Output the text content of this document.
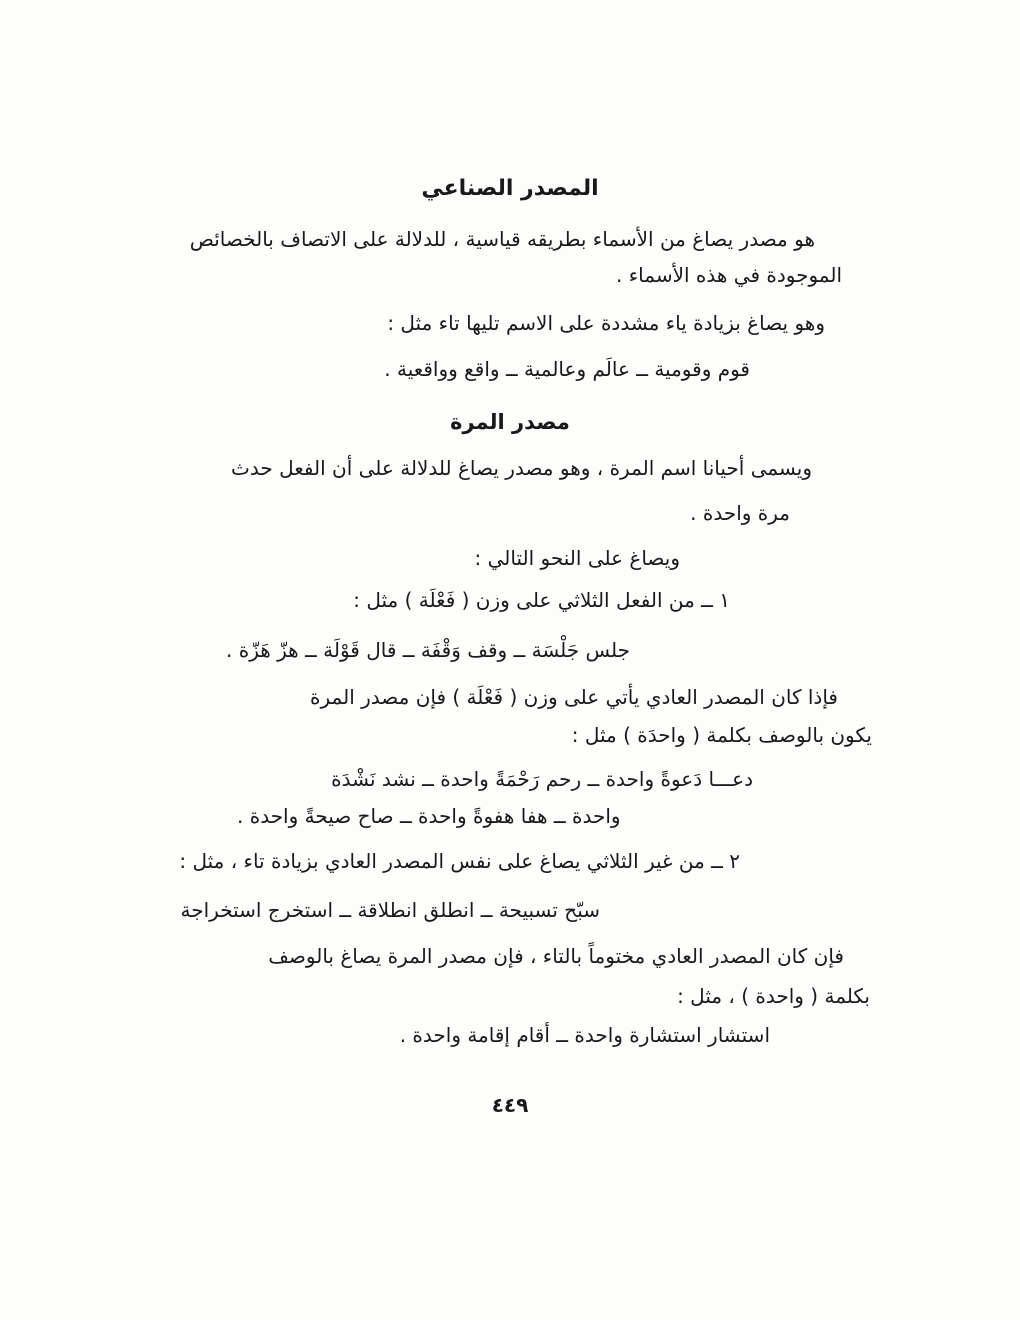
المصدر الصناعي
هو مصدر يصاغ من الأسماء بطريقه قياسية ، للدلالة على الاتصاف بالخصائص
الموجودة في هذه الأسماء .
وهو يصاغ بزيادة ياء مشددة على الاسم تليها تاء مثل :
قوم وقومية ــ عالَم وعالمية ــ واقع وواقعية .
مصدر المرة
ويسمى أحيانا اسم المرة ، وهو مصدر يصاغ للدلالة على أن الفعل حدث
مرة واحدة .
ويصاغ على النحو التالي :
١ ــ من الفعل الثلاثي على وزن ( فَعْلَة ) مثل :
جلس جَلْسَة ــ وقف وَقْفَة ــ قال قَوْلَة ــ هزّ هَزّة .
فإذا كان المصدر العادي يأتي على وزن ( فَعْلَة ) فإن مصدر المرة
يكون بالوصف بكلمة ( واحدَة ) مثل :
دعـــا دَعوةً واحدة ــ رحم رَحْمَةً واحدة ــ نشد نَشْدَة
واحدة ــ هفا هفوةً واحدة ــ صاح صيحةً واحدة .
٢ ــ من غير الثلاثي يصاغ على نفس المصدر العادي بزيادة تاء ، مثل :
سبّح تسبيحة ــ انطلق انطلاقة ــ استخرج استخراجة
فإن كان المصدر العادي مختوماً بالتاء ، فإن مصدر المرة يصاغ بالوصف
بكلمة ( واحدة ) ، مثل :
استشار استشارة واحدة ــ أقام إقامة واحدة .
٤٤٩
